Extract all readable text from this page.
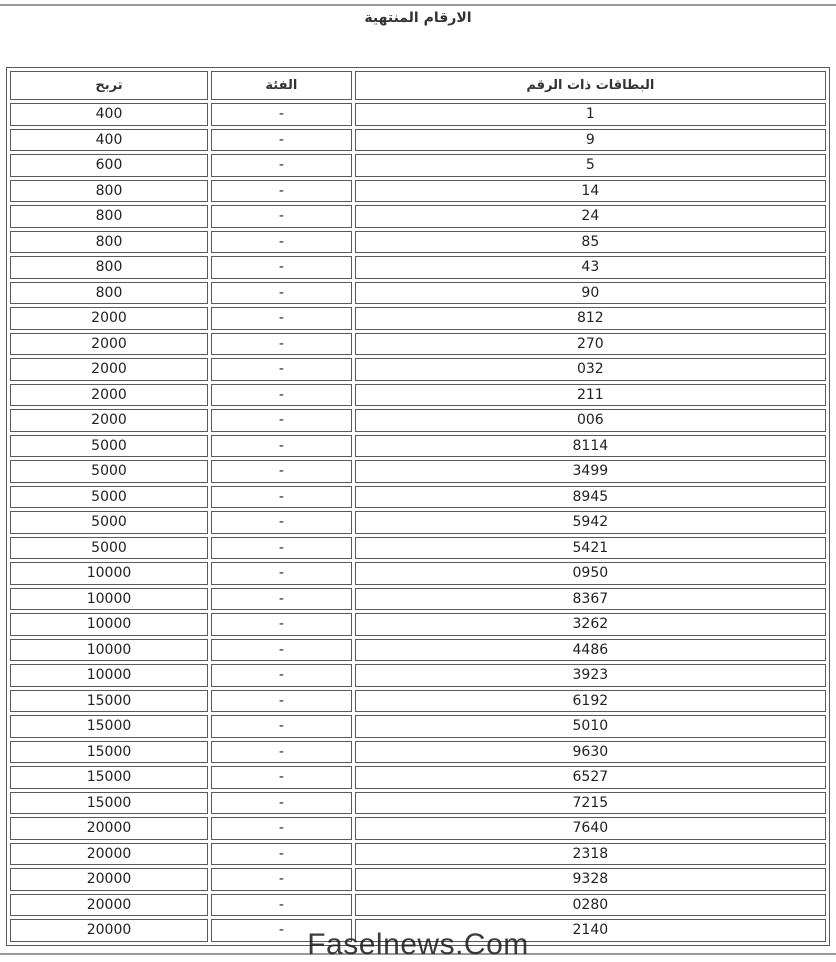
الارقام المنتهية
البطاقات ذات الرقم	الفئة	تربح
1	-	400
9	-	400
5	-	600
14	-	800
24	-	800
85	-	800
43	-	800
90	-	800
812	-	2000
270	-	2000
032	-	2000
211	-	2000
006	-	2000
8114	-	5000
3499	-	5000
8945	-	5000
5942	-	5000
5421	-	5000
0950	-	10000
8367	-	10000
3262	-	10000
4486	-	10000
3923	-	10000
6192	-	15000
5010	-	15000
9630	-	15000
6527	-	15000
7215	-	15000
7640	-	20000
2318	-	20000
9328	-	20000
0280	-	20000
2140	-	20000	Faselnews.Com
